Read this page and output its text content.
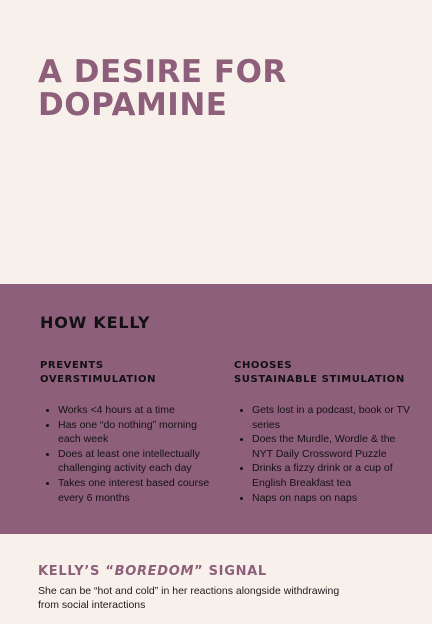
A DESIRE FOR DOPAMINE
HOW KELLY
PREVENTS
OVERSTIMULATION
• Works <4 hours at a time
• Has one “do nothing” morning each week
• Does at least one intellectually challenging activity each day
• Takes one interest based course every 6 months
CHOOSES
SUSTAINABLE STIMULATION
• Gets lost in a podcast, book or TV series
• Does the Murdle, Wordle & the NYT Daily Crossword Puzzle
• Drinks a fizzy drink or a cup of English Breakfast tea
• Naps on naps on naps
KELLY’S “BOREDOM” SIGNAL

She can be “hot and cold” in her reactions alongside withdrawing from social interactions
